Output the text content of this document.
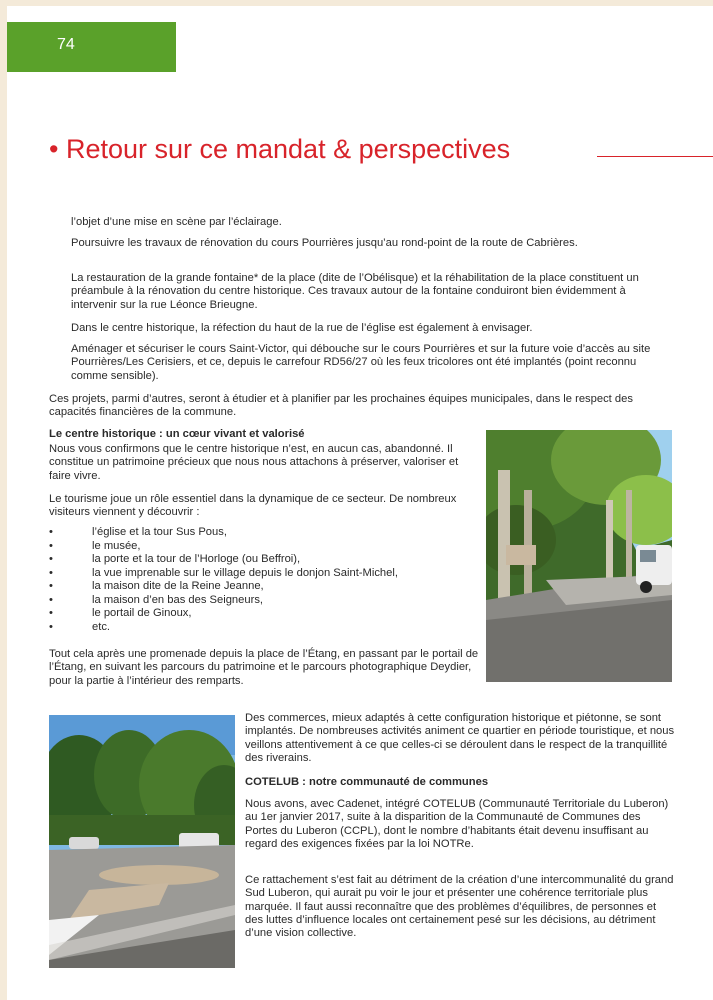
74
• Retour sur ce mandat & perspectives

l’objet d’une mise en scène par l’éclairage.

Poursuivre les travaux de rénovation du cours Pourrières jusqu’au rond-point de la route de Cabrières.

La restauration de la grande fontaine* de la place (dite de l’Obélisque) et la réhabilitation de la place constituent un préambule à la rénovation du centre historique. Ces travaux autour de la fontaine conduiront bien évidemment à intervenir sur la rue Léonce Brieugne.

Dans le centre historique, la réfection du haut de la rue de l’église est également à envisager.

Aménager et sécuriser le cours Saint-Victor, qui débouche sur le cours Pourrières et sur la future voie d’accès au site Pourrières/Les Cerisiers, et ce, depuis le carrefour RD56/27 où les feux tricolores ont été implantés (point reconnu comme sensible).

Ces projets, parmi d’autres, seront à étudier et à planifier par les prochaines équipes municipales, dans le respect des capacités financières de la commune.

Le centre historique : un cœur vivant et valorisé

Nous vous confirmons que le centre historique n’est, en aucun cas, abandonné. Il constitue un patrimoine précieux que nous nous attachons à préserver, valoriser et faire vivre.

Le tourisme joue un rôle essentiel dans la dynamique de ce secteur. De nombreux visiteurs viennent y découvrir :

•	l’église et la tour Sus Pous,
•	le musée,
•	la porte et la tour de l’Horloge (ou Beffroi),
•	la vue imprenable sur le village depuis le donjon Saint-Michel,
•	la maison dite de la Reine Jeanne,
•	la maison d’en bas des Seigneurs,
•	le portail de Ginoux,
•	etc.

Tout cela après une promenade depuis la place de l’Étang, en passant par le portail de l’Étang, en suivant les parcours du patrimoine et le parcours photographique Deydier, pour la partie à l’intérieur des remparts.

Des commerces, mieux adaptés à cette configuration historique et piétonne, se sont implantés. De nombreuses activités animent ce quartier en période touristique, et nous veillons attentivement à ce que celles-ci se déroulent dans le respect de la tranquillité des riverains.

COTELUB : notre communauté de communes

Nous avons, avec Cadenet, intégré COTELUB (Communauté Territoriale du Luberon) au 1er janvier 2017, suite à la disparition de la Communauté de Communes des Portes du Luberon (CCPL), dont le nombre d’habitants était devenu insuffisant au regard des exigences fixées par la loi NOTRe.

Ce rattachement s’est fait au détriment de la création d’une intercommunalité du grand Sud Luberon, qui aurait pu voir le jour et présenter une cohérence territoriale plus marquée. Il faut aussi reconnaître que des problèmes d’équilibres, de personnes et des luttes d’influence locales ont certainement pesé sur les décisions, au détriment d’une vision collective.
